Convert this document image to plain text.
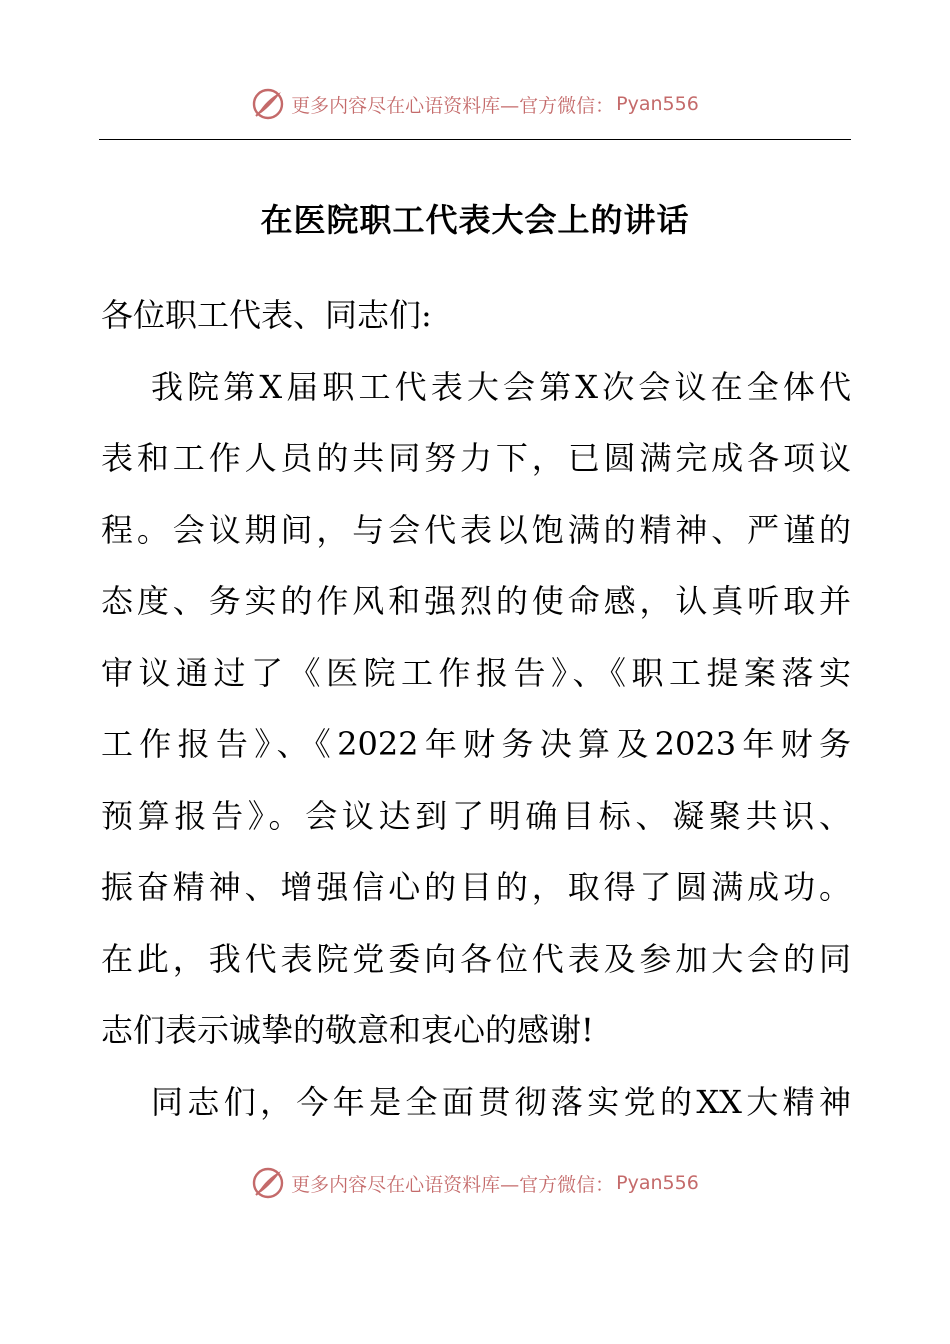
更多内容尽在心语资料库—官方微信： Pyan556
在医院职工代表大会上的讲话
各位职工代表、同志们:
我院第X届职工代表大会第X次会议在全体代
表和工作人员的共同努力下，已圆满完成各项议
程。会议期间，与会代表以饱满的精神、严谨的
态度、务实的作风和强烈的使命感，认真听取并
审议通过了《医院工作报告》、《职工提案落实
工作报告》、《2022年财务决算及2023年财务
预算报告》。会议达到了明确目标、凝聚共识、
振奋精神、增强信心的目的，取得了圆满成功。
在此，我代表院党委向各位代表及参加大会的同
志们表示诚挚的敬意和衷心的感谢!
同志们，今年是全面贯彻落实党的XX大精神
更多内容尽在心语资料库—官方微信： Pyan556
